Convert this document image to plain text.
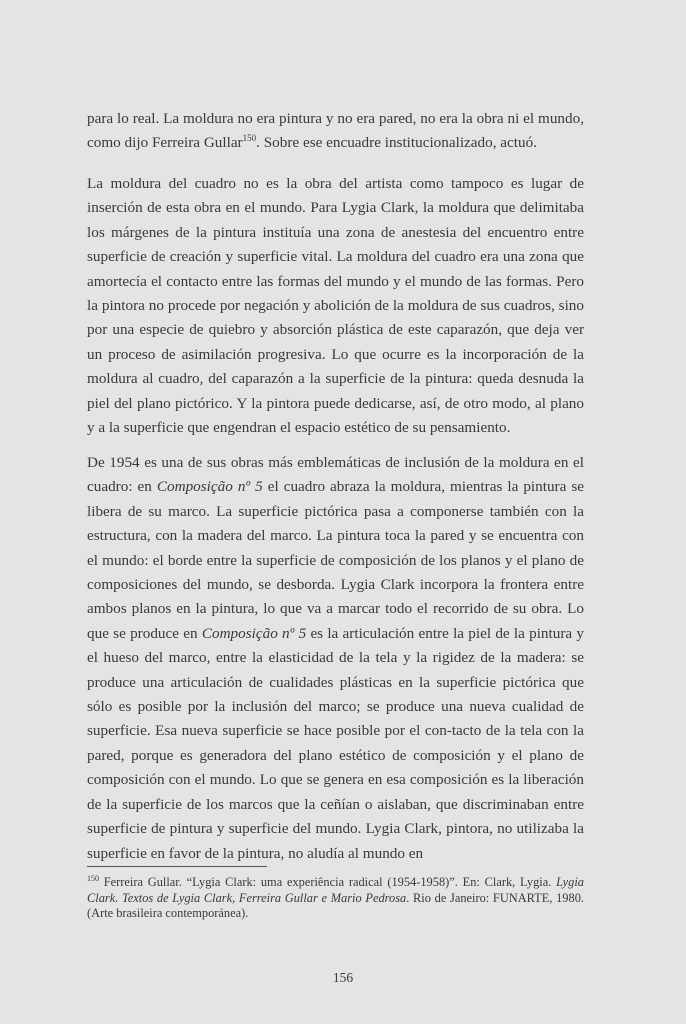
para lo real. La moldura no era pintura y no era pared, no era la obra ni el mundo, como dijo Ferreira Gullar$^{150}$. Sobre ese encuadre institucionalizado, actuó.

La moldura del cuadro no es la obra del artista como tampoco es lugar de inserción de esta obra en el mundo. Para Lygia Clark, la moldura que delimitaba los márgenes de la pintura instituía una zona de anestesia del encuentro entre superficie de creación y superficie vital. La moldura del cuadro era una zona que amortecía el contacto entre las formas del mundo y el mundo de las formas. Pero la pintora no procede por negación y abolición de la moldura de sus cuadros, sino por una especie de quiebro y absorción plástica de este caparazón, que deja ver un proceso de asimilación progresiva. Lo que ocurre es la incorporación de la moldura al cuadro, del caparazón a la superficie de la pintura: queda desnuda la piel del plano pictórico. Y la pintora puede dedicarse, así, de otro modo, al plano y a la superficie que engendran el espacio estético de su pensamiento.

De 1954 es una de sus obras más emblemáticas de inclusión de la moldura en el cuadro: en Composição nº 5 el cuadro abraza la moldura, mientras la pintura se libera de su marco. La superficie pictórica pasa a componerse también con la estructura, con la madera del marco. La pintura toca la pared y se encuentra con el mundo: el borde entre la superficie de composición de los planos y el plano de composiciones del mundo, se desborda. Lygia Clark incorpora la frontera entre ambos planos en la pintura, lo que va a marcar todo el recorrido de su obra. Lo que se produce en Composição nº 5 es la articulación entre la piel de la pintura y el hueso del marco, entre la elasticidad de la tela y la rigidez de la madera: se produce una articulación de cualidades plásticas en la superficie pictórica que sólo es posible por la inclusión del marco; se produce una nueva cualidad de superficie. Esa nueva superficie se hace posible por el con-tacto de la tela con la pared, porque es generadora del plano estético de composición y el plano de composición con el mundo. Lo que se genera en esa composición es la liberación de la superficie de los marcos que la ceñían o aislaban, que discriminaban entre superficie de pintura y superficie del mundo. Lygia Clark, pintora, no utilizaba la superficie en favor de la pintura, no aludía al mundo en

$^{150}$ Ferreira Gullar. “Lygia Clark: uma experiência radical (1954-1958)”. En: Clark, Lygia. Lygia Clark. Textos de Lygia Clark, Ferreira Gullar e Mario Pedrosa. Rio de Janeiro: FUNARTE, 1980. (Arte brasileira contemporánea).

156
